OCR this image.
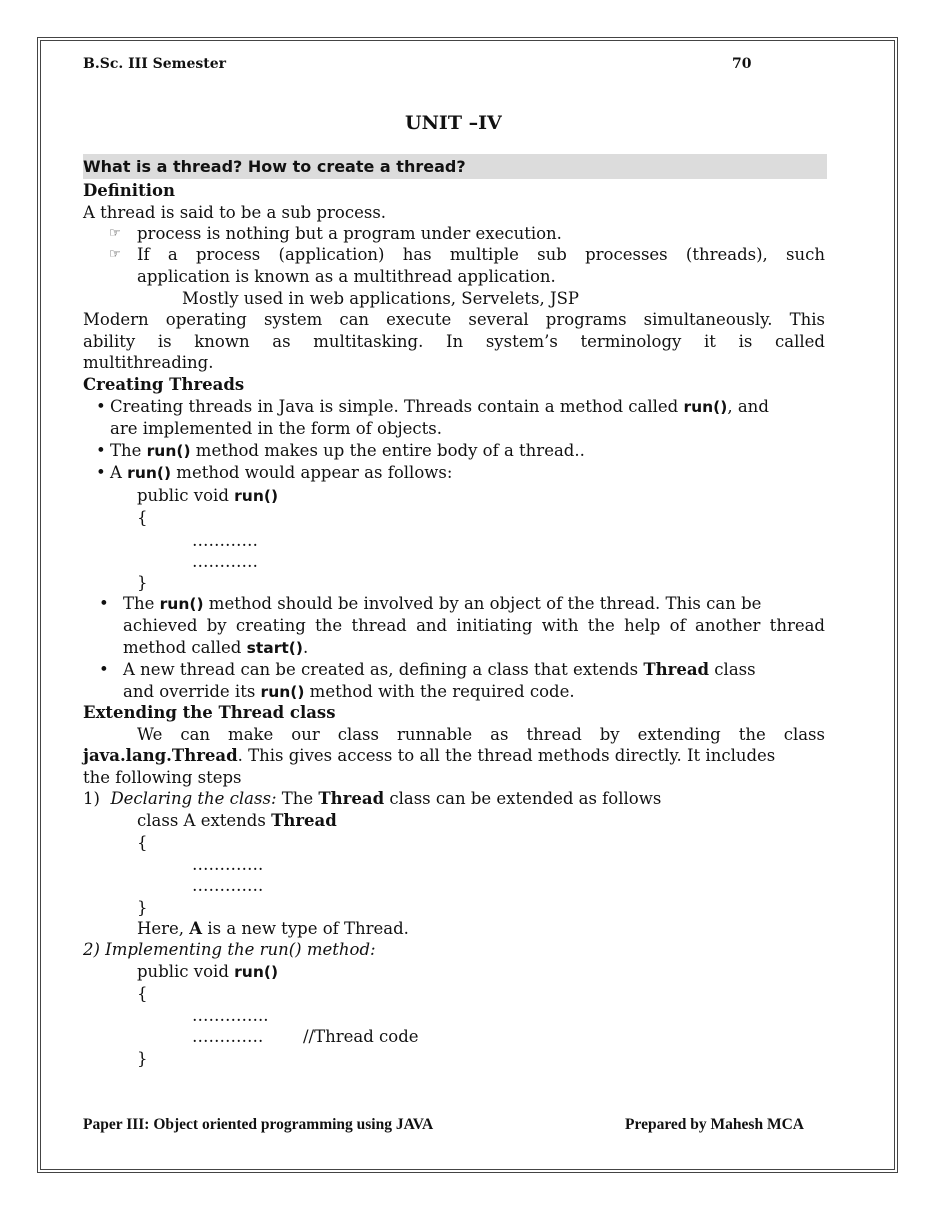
B.Sc. III Semester	70
UNIT –IV
What is a thread? How to create a thread?
Definition
A thread is said to be a sub process.
☞ process is nothing but a program under execution.
☞ If a process (application) has multiple sub processes (threads), such
application is known as a multithread application.
Mostly used in web applications, Servelets, JSP
Modern operating system can execute several programs simultaneously. This
ability is known as multitasking. In system’s terminology it is called
multithreading.
Creating Threads
• Creating threads in Java is simple. Threads contain a method called run(), and
are implemented in the form of objects.
• The run() method makes up the entire body of a thread..
• A run() method would appear as follows:
public void run()
{
…………
…………
}
• The run() method should be involved by an object of the thread. This can be
achieved by creating the thread and initiating with the help of another thread
method called start().
• A new thread can be created as, defining a class that extends Thread class
and override its run() method with the required code.
Extending the Thread class
We can make our class runnable as thread by extending the class
java.lang.Thread. This gives access to all the thread methods directly. It includes
the following steps
1) Declaring the class: The Thread class can be extended as follows
class A extends Thread
{
………….
………….
}
Here, A is a new type of Thread.
2) Implementing the run() method:
public void run()
{
…………..
…………. //Thread code
}
Paper III: Object oriented programming using JAVA	Prepared by Mahesh MCA
